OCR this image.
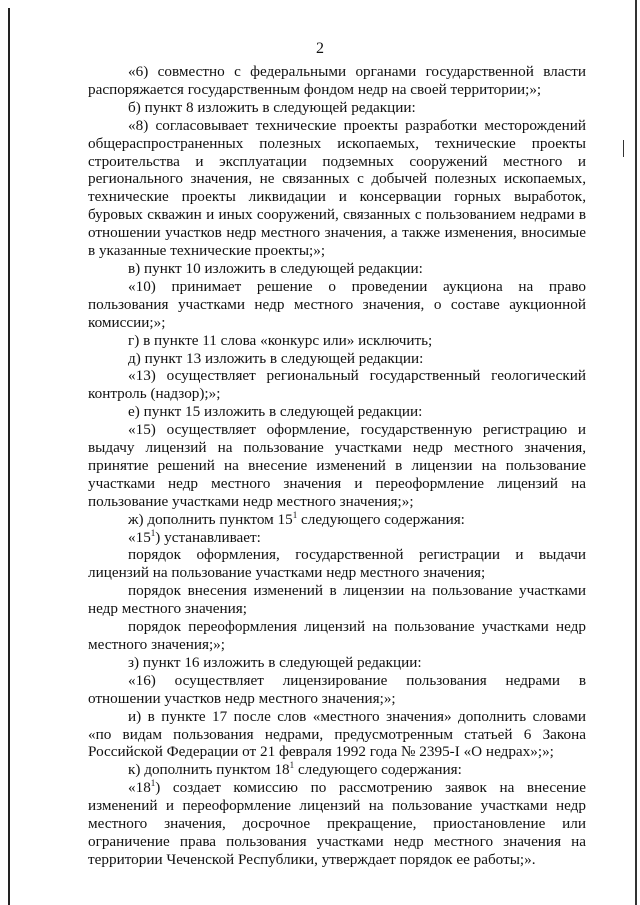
2

«6) совместно с федеральными органами государственной власти распоряжается государственным фондом недр на своей территории;»;

б) пункт 8 изложить в следующей редакции:

«8) согласовывает технические проекты разработки месторождений общераспространенных полезных ископаемых, технические проекты строительства и эксплуатации подземных сооружений местного и регионального значения, не связанных с добычей полезных ископаемых, технические проекты ликвидации и консервации горных выработок, буровых скважин и иных сооружений, связанных с пользованием недрами в отношении участков недр местного значения, а также изменения, вносимые в указанные технические проекты;»;

в) пункт 10 изложить в следующей редакции:

«10) принимает решение о проведении аукциона на право пользования участками недр местного значения, о составе аукционной комиссии;»;

г) в пункте 11 слова «конкурс или» исключить;

д) пункт 13 изложить в следующей редакции:

«13) осуществляет региональный государственный геологический контроль (надзор);»;

е) пункт 15 изложить в следующей редакции:

«15) осуществляет оформление, государственную регистрацию и выдачу лицензий на пользование участками недр местного значения, принятие решений на внесение изменений в лицензии на пользование участками недр местного значения и переоформление лицензий на пользование участками недр местного значения;»;

ж) дополнить пунктом $15^1$ следующего содержания:

«$15^1$) устанавливает:

порядок оформления, государственной регистрации и выдачи лицензий на пользование участками недр местного значения;

порядок внесения изменений в лицензии на пользование участками недр местного значения;

порядок переоформления лицензий на пользование участками недр местного значения;»;

з) пункт 16 изложить в следующей редакции:

«16) осуществляет лицензирование пользования недрами в отношении участков недр местного значения;»;

и) в пункте 17 после слов «местного значения» дополнить словами «по видам пользования недрами, предусмотренным статьей 6 Закона Российской Федерации от 21 февраля 1992 года № 2395-I «О недрах»;»;

к) дополнить пунктом $18^1$ следующего содержания:

«$18^1$) создает комиссию по рассмотрению заявок на внесение изменений и переоформление лицензий на пользование участками недр местного значения, досрочное прекращение, приостановление или ограничение права пользования участками недр местного значения на территории Чеченской Республики, утверждает порядок ее работы;».
